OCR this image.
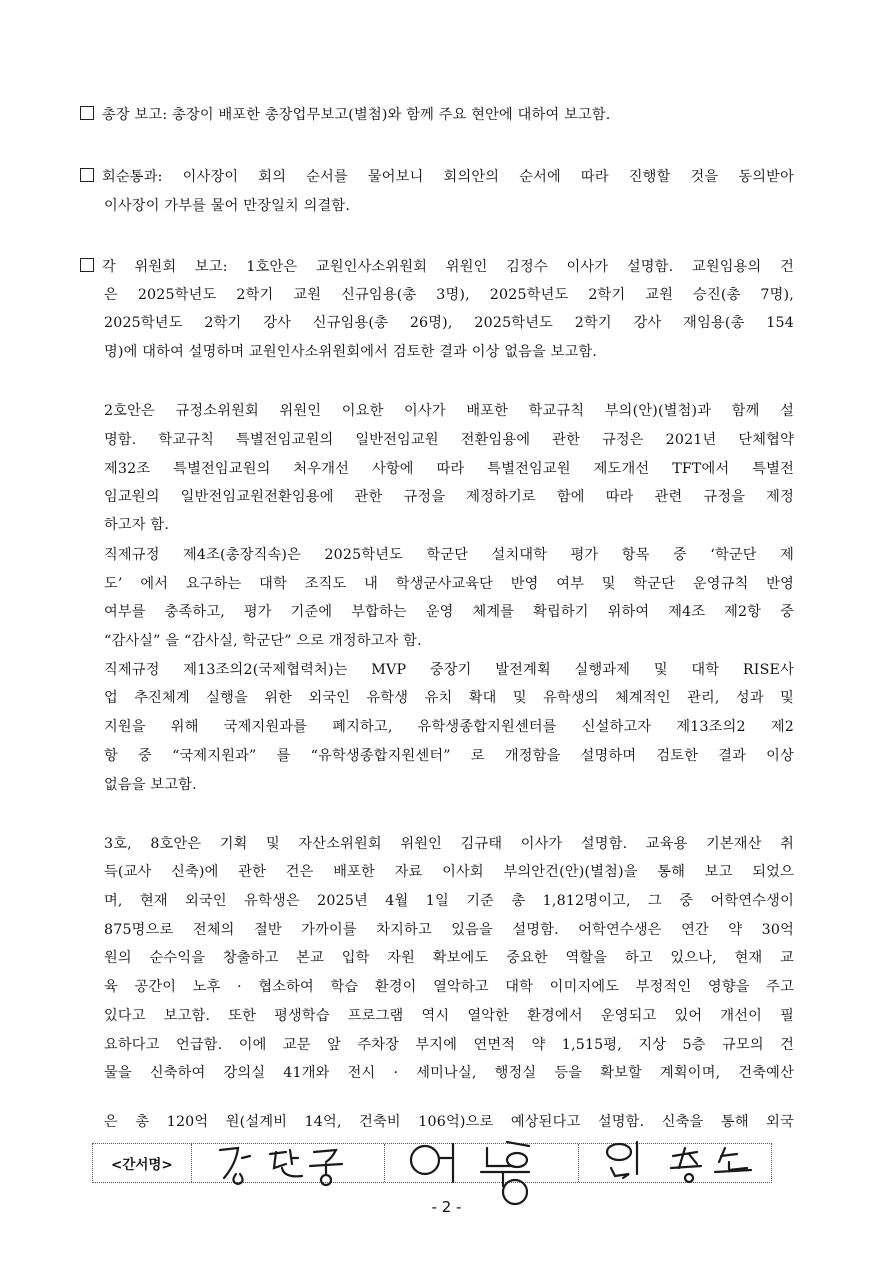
총장 보고: 총장이 배포한 총장업무보고(별첨)와 함께 주요 현안에 대하여 보고함.
회순통과: 이사장이 회의 순서를 물어보니 회의안의 순서에 따라 진행할 것을 동의받아
이사장이 가부를 물어 만장일치 의결함.
각 위원회 보고: 1호안은 교원인사소위원회 위원인 김정수 이사가 설명함. 교원임용의 건
은 2025학년도 2학기 교원 신규임용(총 3명), 2025학년도 2학기 교원 승진(총 7명),
2025학년도 2학기 강사 신규임용(총 26명), 2025학년도 2학기 강사 재임용(총 154
명)에 대하여 설명하며 교원인사소위원회에서 검토한 결과 이상 없음을 보고함.
2호안은 규정소위원회 위원인 이요한 이사가 배포한 학교규칙 부의(안)(별첨)과 함께 설
명함. 학교규칙 특별전임교원의 일반전임교원 전환임용에 관한 규정은 2021년 단체협약
제32조 특별전임교원의 처우개선 사항에 따라 특별전임교원 제도개선 TFT에서 특별전
임교원의 일반전임교원전환임용에 관한 규정을 제정하기로 함에 따라 관련 규정을 제정
하고자 함.
직제규정 제4조(총장직속)은 2025학년도 학군단 설치대학 평가 항목 중 ‘학군단 제
도’ 에서 요구하는 대학 조직도 내 학생군사교육단 반영 여부 및 학군단 운영규칙 반영
여부를 충족하고, 평가 기준에 부합하는 운영 체계를 확립하기 위하여 제4조 제2항 중
“감사실” 을 “감사실, 학군단” 으로 개정하고자 함.
직제규정 제13조의2(국제협력처)는 MVP 중장기 발전계획 실행과제 및 대학 RISE사
업 추진체계 실행을 위한 외국인 유학생 유치 확대 및 유학생의 체계적인 관리, 성과 및
지원을 위해 국제지원과를 폐지하고, 유학생종합지원센터를 신설하고자 제13조의2 제2
항 중 “국제지원과” 를 “유학생종합지원센터” 로 개정함을 설명하며 검토한 결과 이상
없음을 보고함.
3호, 8호안은 기획 및 자산소위원회 위원인 김규태 이사가 설명함. 교육용 기본재산 취
득(교사 신축)에 관한 건은 배포한 자료 이사회 부의안건(안)(별첨)을 통해 보고 되었으
며, 현재 외국인 유학생은 2025년 4월 1일 기준 총 1,812명이고, 그 중 어학연수생이
875명으로 전체의 절반 가까이를 차지하고 있음을 설명함. 어학연수생은 연간 약 30억
원의 순수익을 창출하고 본교 입학 자원 확보에도 중요한 역할을 하고 있으나, 현재 교
육 공간이 노후 · 협소하여 학습 환경이 열악하고 대학 이미지에도 부정적인 영향을 주고
있다고 보고함. 또한 평생학습 프로그램 역시 열악한 환경에서 운영되고 있어 개선이 필
요하다고 언급함. 이에 교문 앞 주차장 부지에 연면적 약 1,515평, 지상 5층 규모의 건
물을 신축하여 강의실 41개와 전시 · 세미나실, 행정실 등을 확보할 계획이며, 건축예산
은 총 120억 원(설계비 14억, 건축비 106억)으로 예상된다고 설명함. 신축을 통해 외국
<간서명>
- 2 -
